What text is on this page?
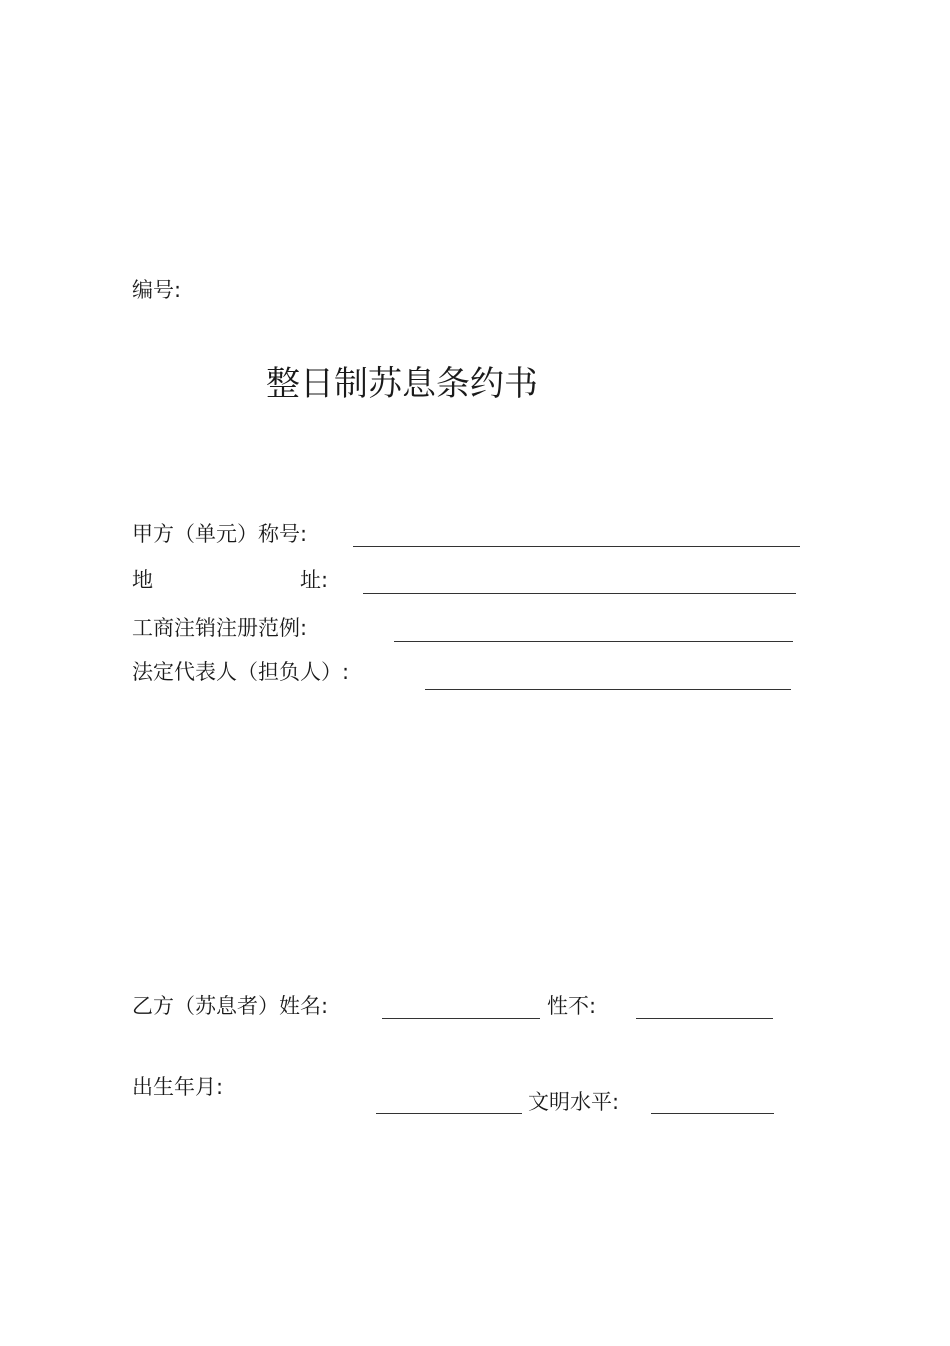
编号:
整日制苏息条约书
甲方（单元）称号:
地	址:
工商注销注册范例:
法定代表人（担负人）:
乙方（苏息者）姓名:	性不:
出生年月:
文明水平:
